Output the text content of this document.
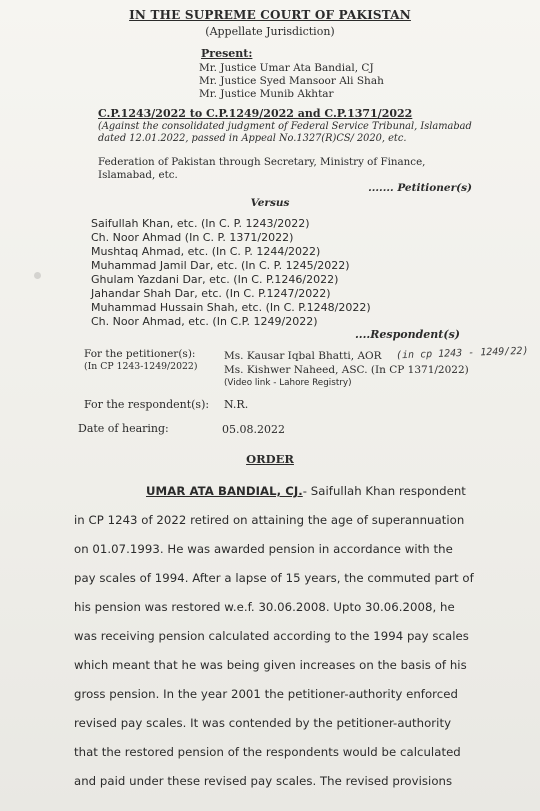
IN THE SUPREME COURT OF PAKISTAN
(Appellate Jurisdiction)
Present:
Mr. Justice Umar Ata Bandial, CJ
Mr. Justice Syed Mansoor Ali Shah
Mr. Justice Munib Akhtar
C.P.1243/2022 to C.P.1249/2022 and C.P.1371/2022
(Against the consolidated judgment of Federal Service Tribunal, Islamabad
dated 12.01.2022, passed in Appeal No.1327(R)CS/ 2020, etc.
Federation of Pakistan through Secretary, Ministry of Finance,
Islamabad, etc.
....... Petitioner(s)
Versus
Saifullah Khan, etc. (In C. P. 1243/2022)
Ch. Noor Ahmad (In C. P. 1371/2022)
Mushtaq Ahmad, etc. (In C. P. 1244/2022)
Muhammad Jamil Dar, etc. (In C. P. 1245/2022)
Ghulam Yazdani Dar, etc. (In C. P.1246/2022)
Jahandar Shah Dar, etc. (In C. P.1247/2022)
Muhammad Hussain Shah, etc. (In C. P.1248/2022)
Ch. Noor Ahmad, etc. (In C.P. 1249/2022)
....Respondent(s)
For the petitioner(s):
(In CP 1243-1249/2022)
Ms. Kausar Iqbal Bhatti, AOR (in cp 1243 - 1249/22)
Ms. Kishwer Naheed, ASC. (In CP 1371/2022)
(Video link - Lahore Registry)
For the respondent(s): N.R.
Date of hearing:	05.08.2022
ORDER
UMAR ATA BANDIAL, CJ.- Saifullah Khan respondent
in CP 1243 of 2022 retired on attaining the age of superannuation
on 01.07.1993. He was awarded pension in accordance with the
pay scales of 1994. After a lapse of 15 years, the commuted part of
his pension was restored w.e.f. 30.06.2008. Upto 30.06.2008, he
was receiving pension calculated according to the 1994 pay scales
which meant that he was being given increases on the basis of his
gross pension. In the year 2001 the petitioner-authority enforced
revised pay scales. It was contended by the petitioner-authority
that the restored pension of the respondents would be calculated
and paid under these revised pay scales. The revised provisions
